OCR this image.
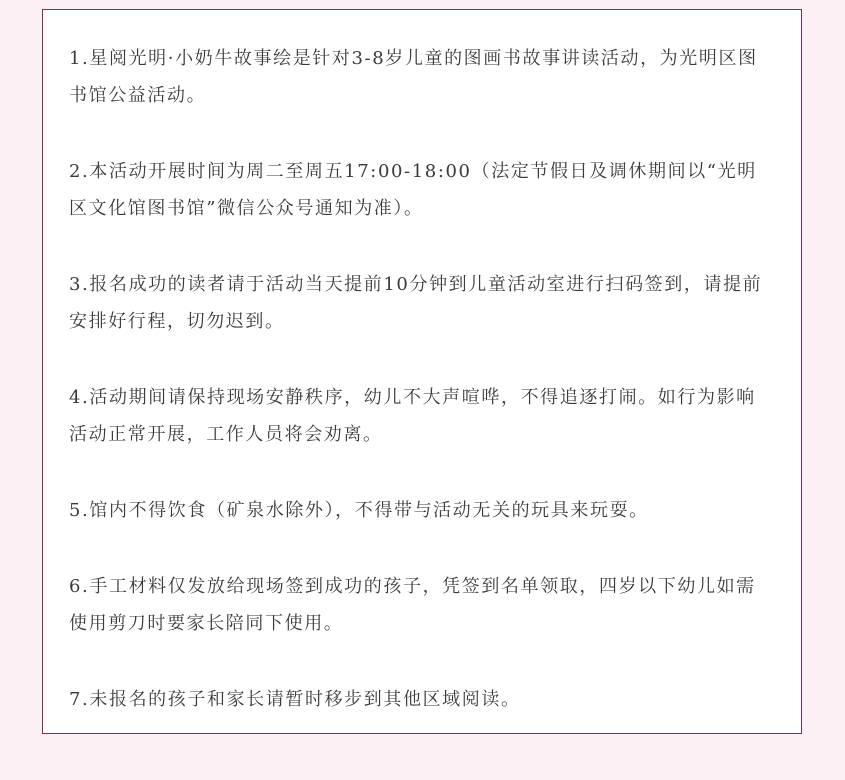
1.星阅光明·小奶牛故事绘是针对3-8岁儿童的图画书故事讲读活动，为光明区图书馆公益活动。

2.本活动开展时间为周二至周五17:00-18:00（法定节假日及调休期间以“光明区文化馆图书馆”微信公众号通知为准）。

3.报名成功的读者请于活动当天提前10分钟到儿童活动室进行扫码签到，请提前安排好行程，切勿迟到。

4.活动期间请保持现场安静秩序，幼儿不大声喧哗，不得追逐打闹。如行为影响活动正常开展，工作人员将会劝离。

5.馆内不得饮食（矿泉水除外），不得带与活动无关的玩具来玩耍。

6.手工材料仅发放给现场签到成功的孩子，凭签到名单领取，四岁以下幼儿如需使用剪刀时要家长陪同下使用。

7.未报名的孩子和家长请暂时移步到其他区域阅读。
